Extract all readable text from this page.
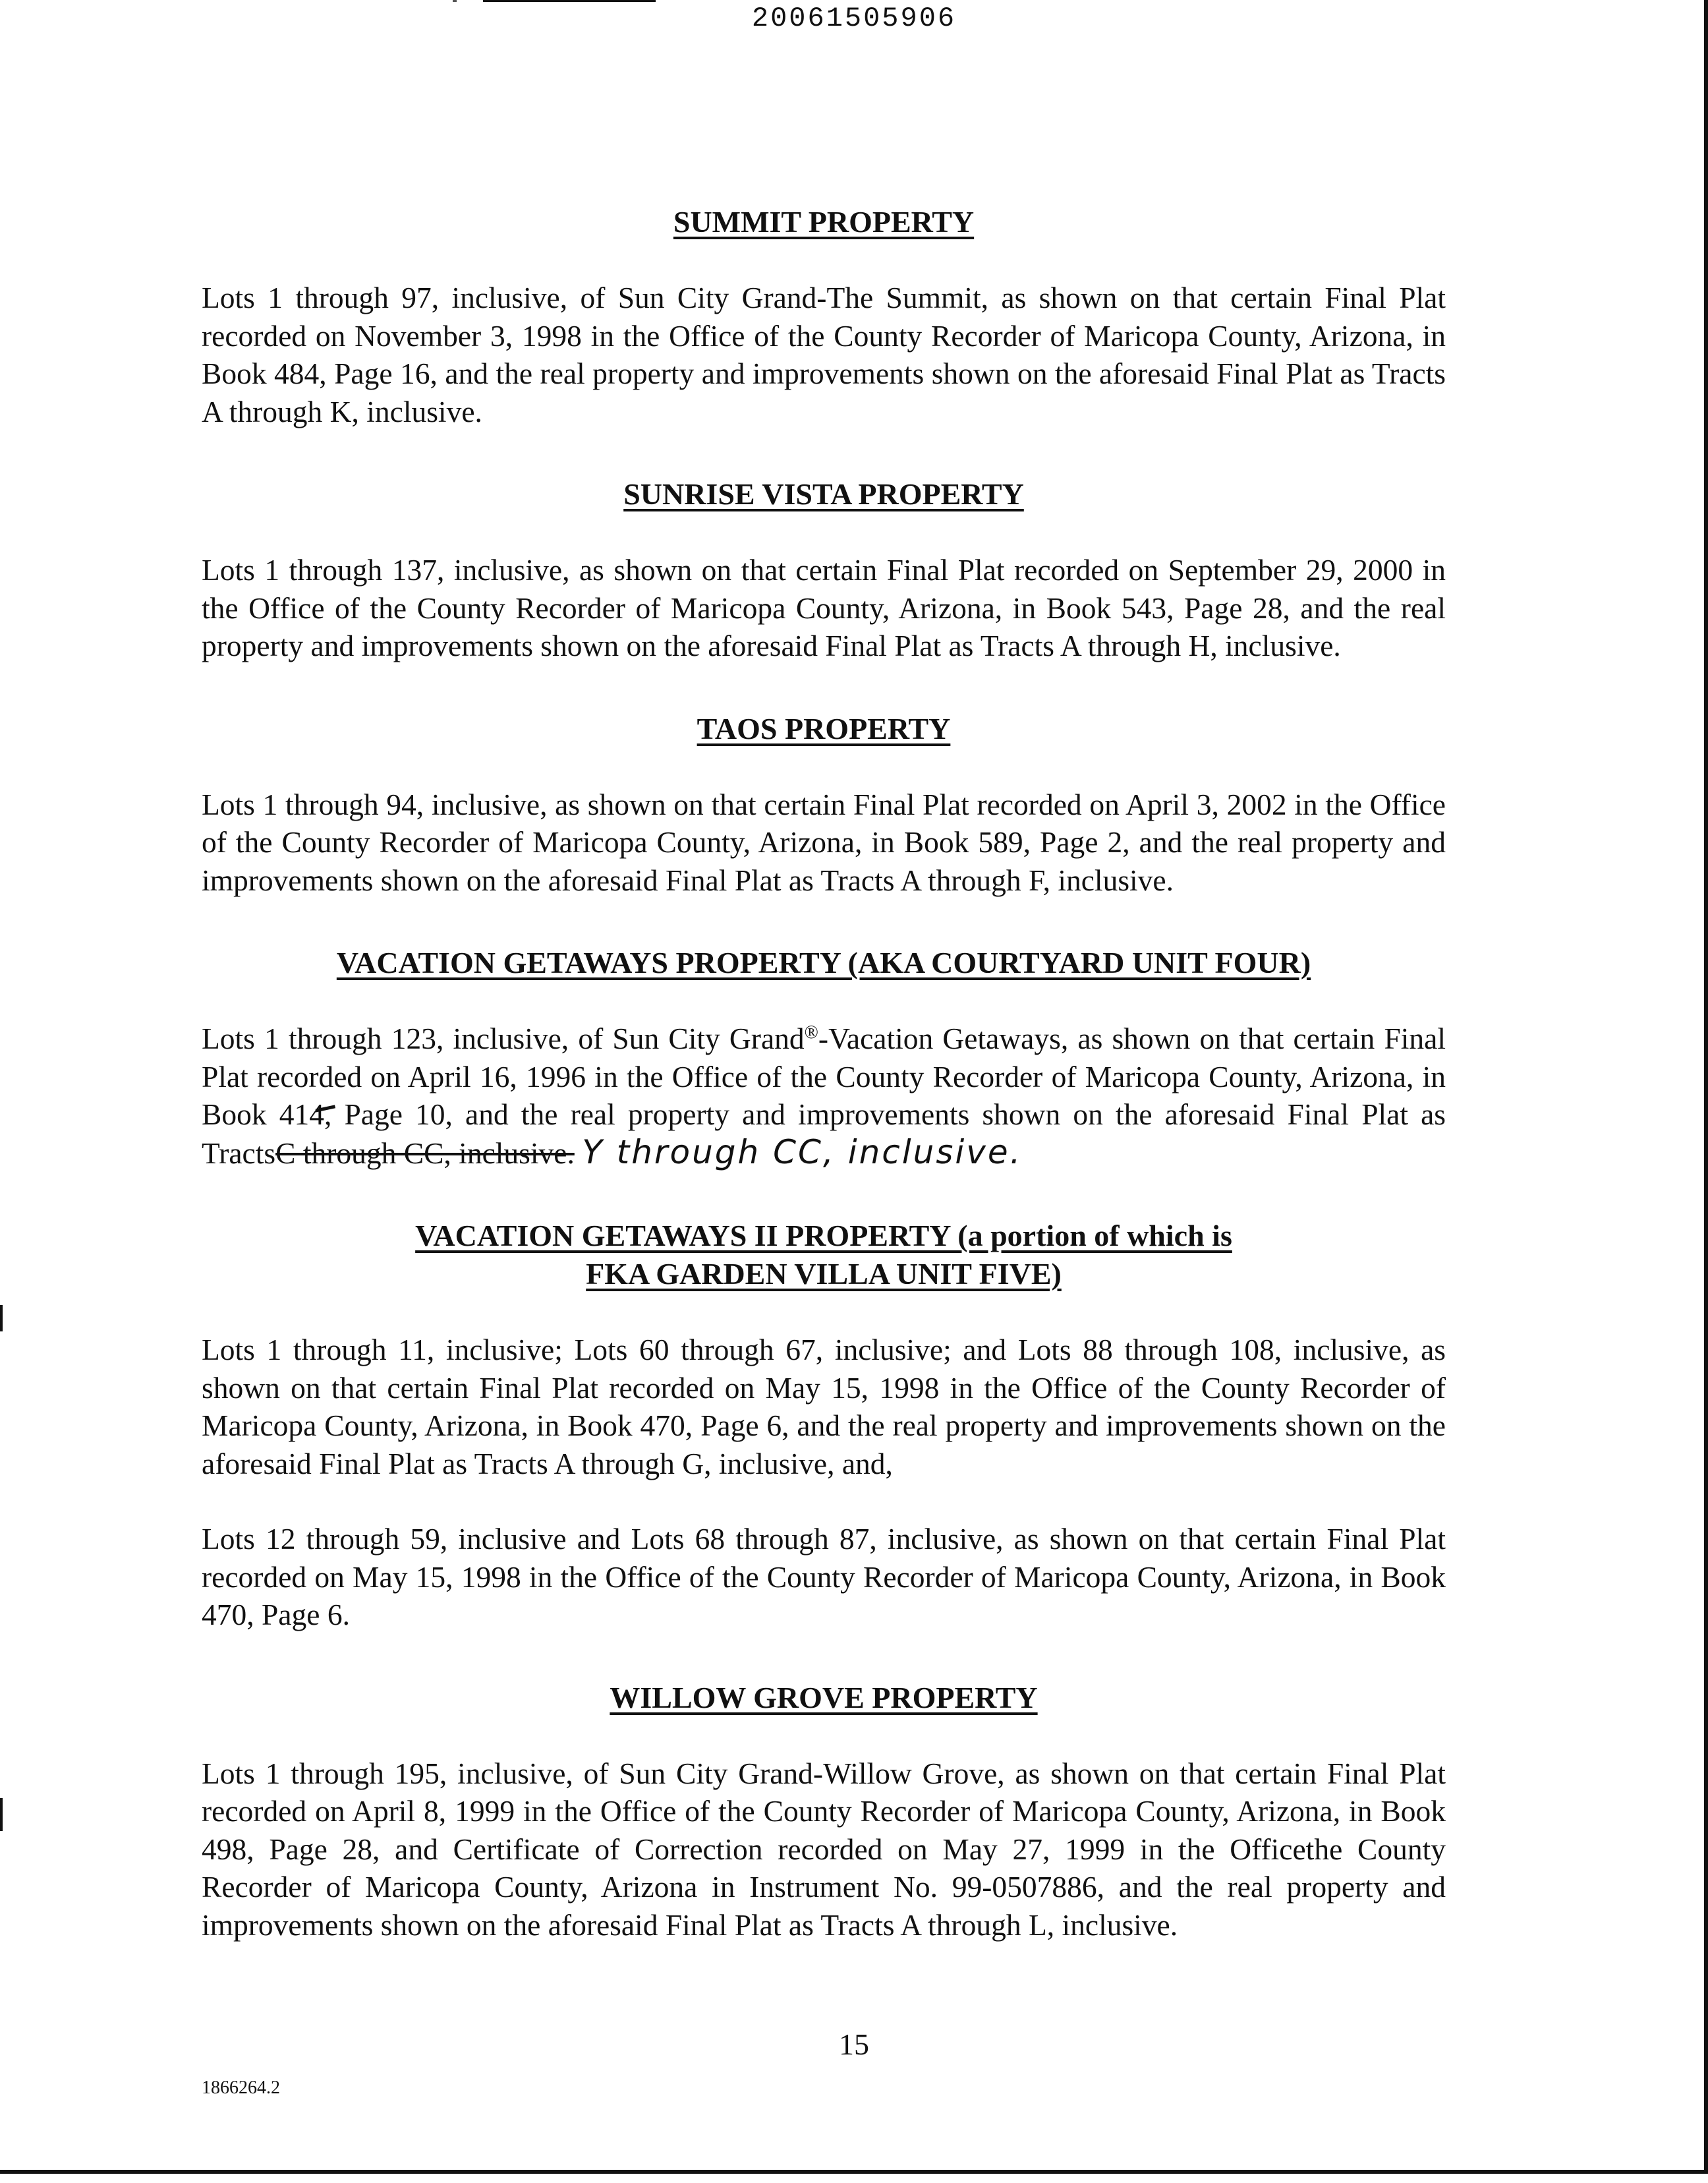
20061505906
SUMMIT PROPERTY

Lots 1 through 97, inclusive, of Sun City Grand-The Summit, as shown on that certain Final Plat recorded on November 3, 1998 in the Office of the County Recorder of Maricopa County, Arizona, in Book 484, Page 16, and the real property and improvements shown on the aforesaid Final Plat as Tracts A through K, inclusive.

SUNRISE VISTA PROPERTY

Lots 1 through 137, inclusive, as shown on that certain Final Plat recorded on September 29, 2000 in the Office of the County Recorder of Maricopa County, Arizona, in Book 543, Page 28, and the real property and improvements shown on the aforesaid Final Plat as Tracts A through H, inclusive.

TAOS PROPERTY

Lots 1 through 94, inclusive, as shown on that certain Final Plat recorded on April 3, 2002 in the Office of the County Recorder of Maricopa County, Arizona, in Book 589, Page 2, and the real property and improvements shown on the aforesaid Final Plat as Tracts A through F, inclusive.

VACATION GETAWAYS PROPERTY (AKA COURTYARD UNIT FOUR)

Lots 1 through 123, inclusive, of Sun City Grand®-Vacation Getaways, as shown on that certain Final Plat recorded on April 16, 1996 in the Office of the County Recorder of Maricopa County, Arizona, in Book 414
, Page 10, and the real property and improvements shown on the aforesaid Final Plat as TractsC through CC, inclusive. Y through CC, inclusive.

VACATION GETAWAYS II PROPERTY (a portion of which is
FKA GARDEN VILLA UNIT FIVE)

Lots 1 through 11, inclusive; Lots 60 through 67, inclusive; and Lots 88 through 108, inclusive, as shown on that certain Final Plat recorded on May 15, 1998 in the Office of the County Recorder of Maricopa County, Arizona, in Book 470, Page 6, and the real property and improvements shown on the aforesaid Final Plat as Tracts A through G, inclusive, and,

Lots 12 through 59, inclusive and Lots 68 through 87, inclusive, as shown on that certain Final Plat recorded on May 15, 1998 in the Office of the County Recorder of Maricopa County, Arizona, in Book 470, Page 6.

WILLOW GROVE PROPERTY

Lots 1 through 195, inclusive, of Sun City Grand-Willow Grove, as shown on that certain Final Plat recorded on April 8, 1999 in the Office of the County Recorder of Maricopa County, Arizona, in Book 498, Page 28, and Certificate of Correction recorded on May 27, 1999 in the Officethe County Recorder of Maricopa County, Arizona in Instrument No. 99-0507886, and the real property and improvements shown on the aforesaid Final Plat as Tracts A through L, inclusive.

15
1866264.2
